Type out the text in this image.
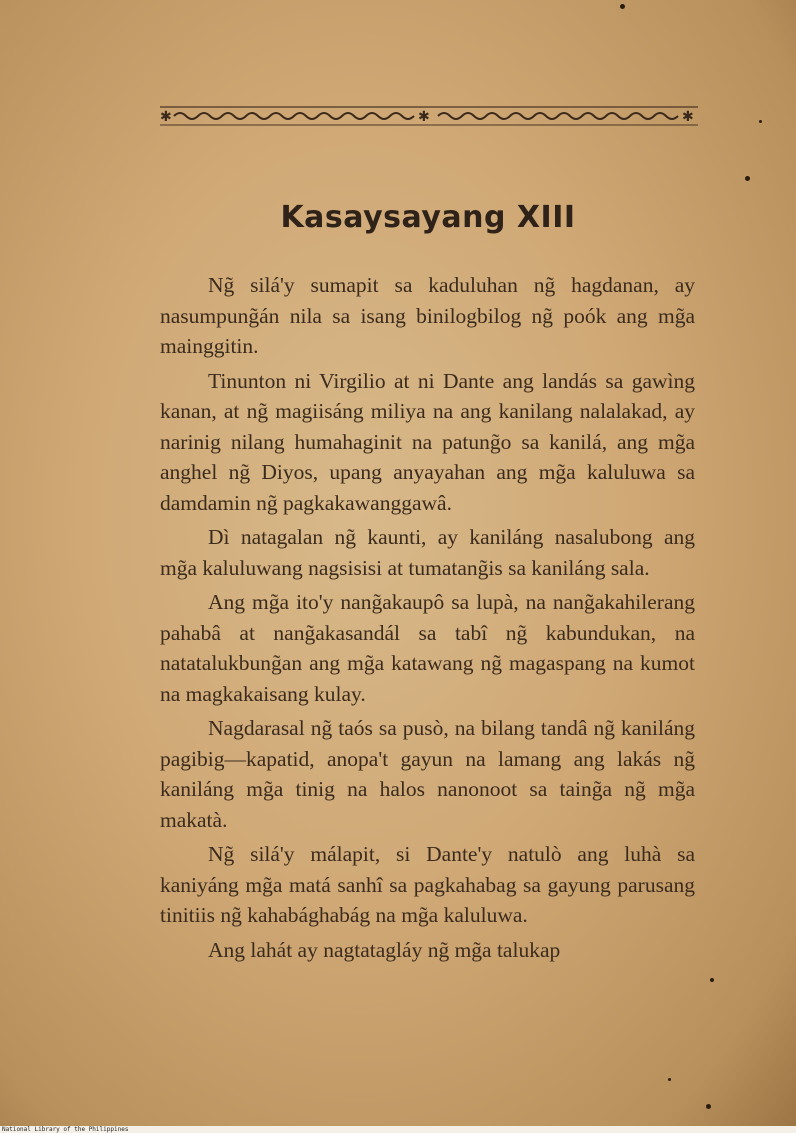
✱	✱	✱
Kasaysayang XIII

Ng̃ silá'y sumapit sa kaduluhan ng̃ hagdanan, ay nasumpung̃án nila sa isang binilogbilog ng̃ poók ang mg̃a mainggitin.

Tinunton ni Virgilio at ni Dante ang landás sa gawìng kanan, at ng̃ magiisáng miliya na ang kanilang nalalakad, ay narinig nilang humahaginit na patung̃o sa kanilá, ang mg̃a anghel ng̃ Diyos, upang anyayahan ang mg̃a kaluluwa sa damdamin ng̃ pagkakawanggawâ.

Dì natagalan ng̃ kaunti, ay kaniláng nasalubong ang mg̃a kaluluwang nagsisisi at tumatang̃is sa kaniláng sala.

Ang mg̃a ito'y nang̃akaupô sa lupà, na nang̃akahilerang pahabâ at nang̃akasandál sa tabî ng̃ kabundukan, na natatalukbung̃an ang mg̃a katawang ng̃ magaspang na kumot na magkakaisang kulay.

Nagdarasal ng̃ taós sa pusò, na bilang tandâ ng̃ kaniláng pagibig—kapatid, anopa't gayun na lamang ang lakás ng̃ kaniláng mg̃a tinig na halos nanonoot sa taing̃a ng̃ mg̃a makatà.

Ng̃ silá'y málapit, si Dante'y natulò ang luhà sa kaniyáng mg̃a matá sanhî sa pagkahabag sa gayung parusang tinitiis ng̃ kahabághabág na mg̃a kaluluwa.

Ang lahát ay nagtatagláy ng̃ mg̃a talukap

National Library of the Philippines
